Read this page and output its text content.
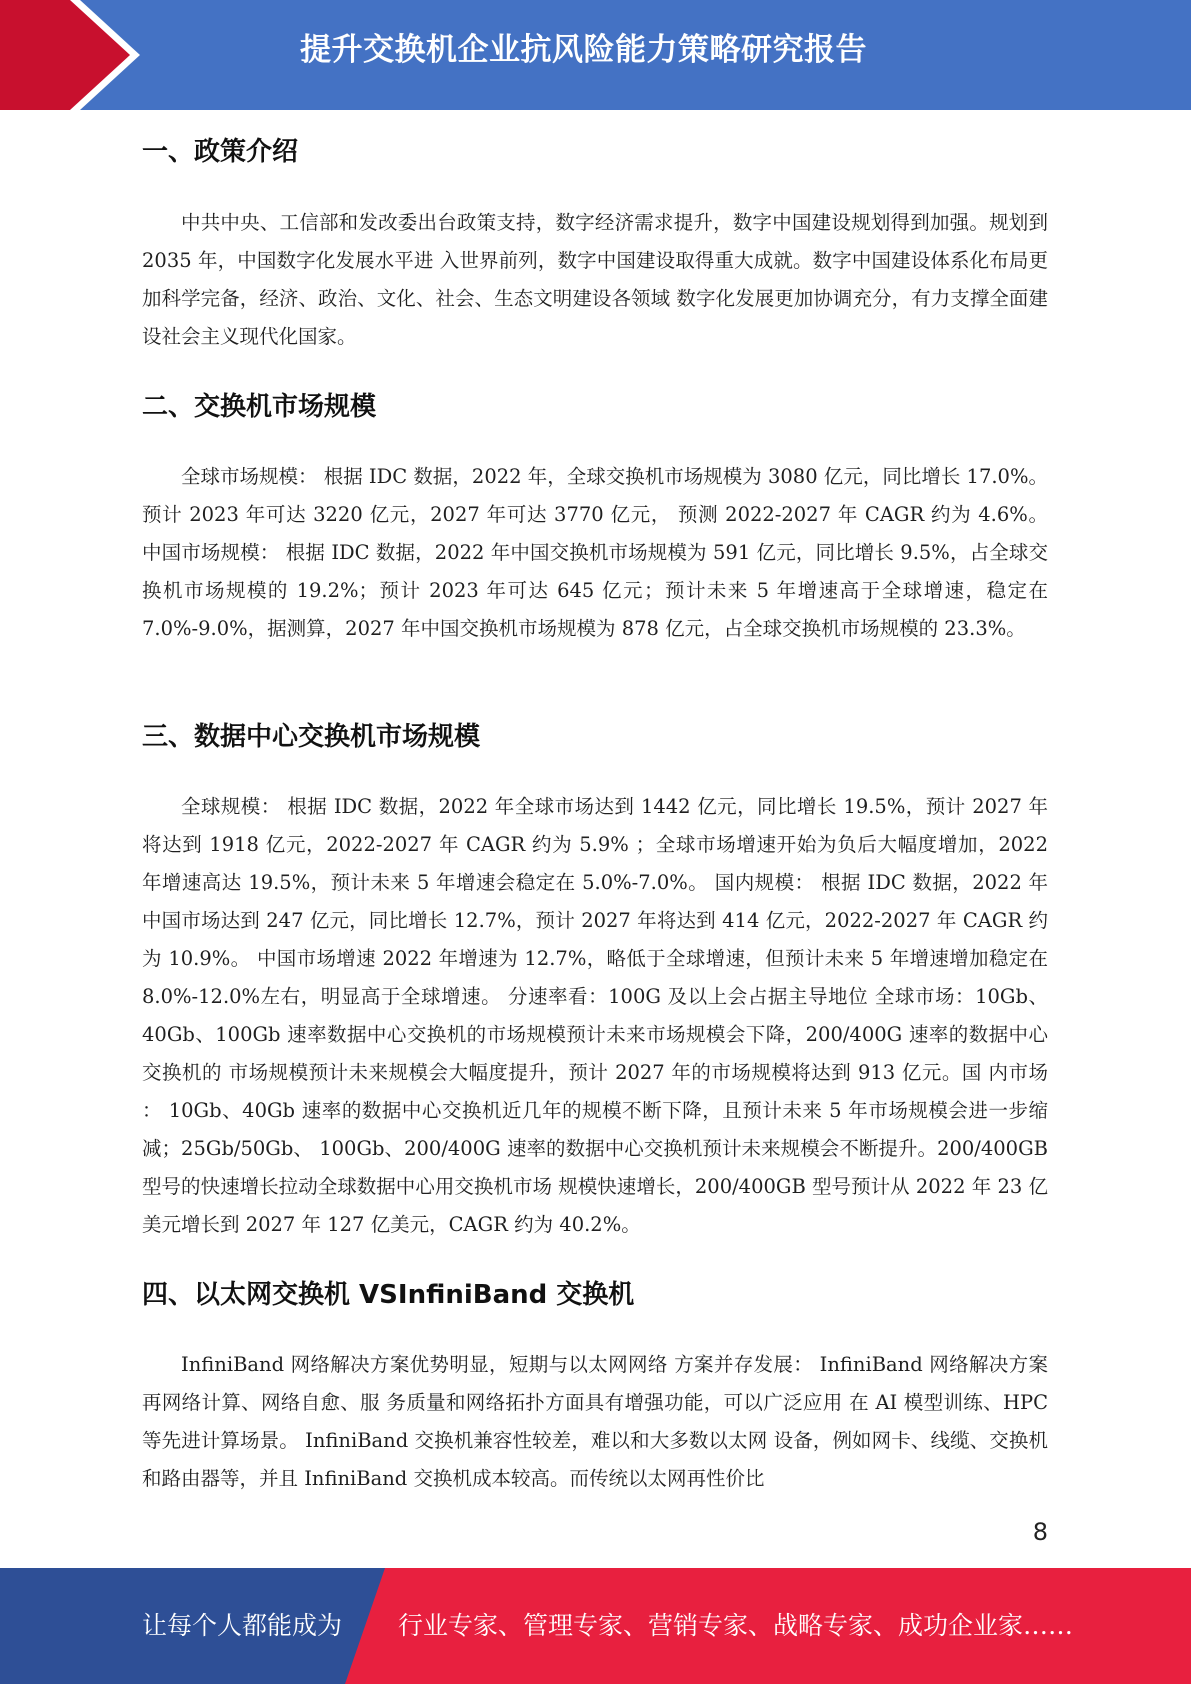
提升交换机企业抗风险能力策略研究报告
一、政策介绍

中共中央、工信部和发改委出台政策支持，数字经济需求提升，数字中国建设规划得到加强。规划到 2035 年，中国数字化发展水平进 入世界前列，数字中国建设取得重大成就。数字中国建设体系化布局更加科学完备，经济、政治、文化、社会、生态文明建设各领域 数字化发展更加协调充分，有力支撑全面建设社会主义现代化国家。

二、交换机市场规模

全球市场规模： 根据 IDC 数据，2022 年，全球交换机市场规模为 3080 亿元，同比增长 17.0%。预计 2023 年可达 3220 亿元，2027 年可达 3770 亿元， 预测 2022-2027 年 CAGR 约为 4.6%。 中国市场规模： 根据 IDC 数据，2022 年中国交换机市场规模为 591 亿元，同比增长 9.5%，占全球交换机市场规模的 19.2%；预计 2023 年可达 645 亿元；预计未来 5 年增速高于全球增速，稳定在 7.0%-9.0%，据测算，2027 年中国交换机市场规模为 878 亿元，占全球交换机市场规模的 23.3%。

三、数据中心交换机市场规模

全球规模： 根据 IDC 数据，2022 年全球市场达到 1442 亿元，同比增长 19.5%，预计 2027 年将达到 1918 亿元，2022-2027 年 CAGR 约为 5.9% ；全球市场增速开始为负后大幅度增加，2022 年增速高达 19.5%，预计未来 5 年增速会稳定在 5.0%-7.0%。 国内规模： 根据 IDC 数据，2022 年中国市场达到 247 亿元，同比增长 12.7%，预计 2027 年将达到 414 亿元，2022-2027 年 CAGR 约为 10.9%。 中国市场增速 2022 年增速为 12.7%，略低于全球增速，但预计未来 5 年增速增加稳定在 8.0%-12.0%左右，明显高于全球增速。 分速率看：100G 及以上会占据主导地位 全球市场：10Gb、40Gb、100Gb 速率数据中心交换机的市场规模预计未来市场规模会下降，200/400G 速率的数据中心交换机的 市场规模预计未来规模会大幅度提升，预计 2027 年的市场规模将达到 913 亿元。国 内市场 ： 10Gb、40Gb 速率的数据中心交换机近几年的规模不断下降，且预计未来 5 年市场规模会进一步缩减；25Gb/50Gb、 100Gb、200/400G 速率的数据中心交换机预计未来规模会不断提升。200/400GB 型号的快速增长拉动全球数据中心用交换机市场 规模快速增长，200/400GB 型号预计从 2022 年 23 亿美元增长到 2027 年 127 亿美元，CAGR 约为 40.2%。

四、以太网交换机 VSInfiniBand 交换机

InfiniBand 网络解决方案优势明显，短期与以太网网络 方案并存发展： InfiniBand 网络解决方案再网络计算、网络自愈、服 务质量和网络拓扑方面具有增强功能，可以广泛应用 在 AI 模型训练、HPC 等先进计算场景。 InfiniBand 交换机兼容性较差，难以和大多数以太网 设备，例如网卡、线缆、交换机和路由器等，并且 InfiniBand 交换机成本较高。而传统以太网再性价比

8
让每个人都能成为 行业专家、管理专家、营销专家、战略专家、成功企业家……
